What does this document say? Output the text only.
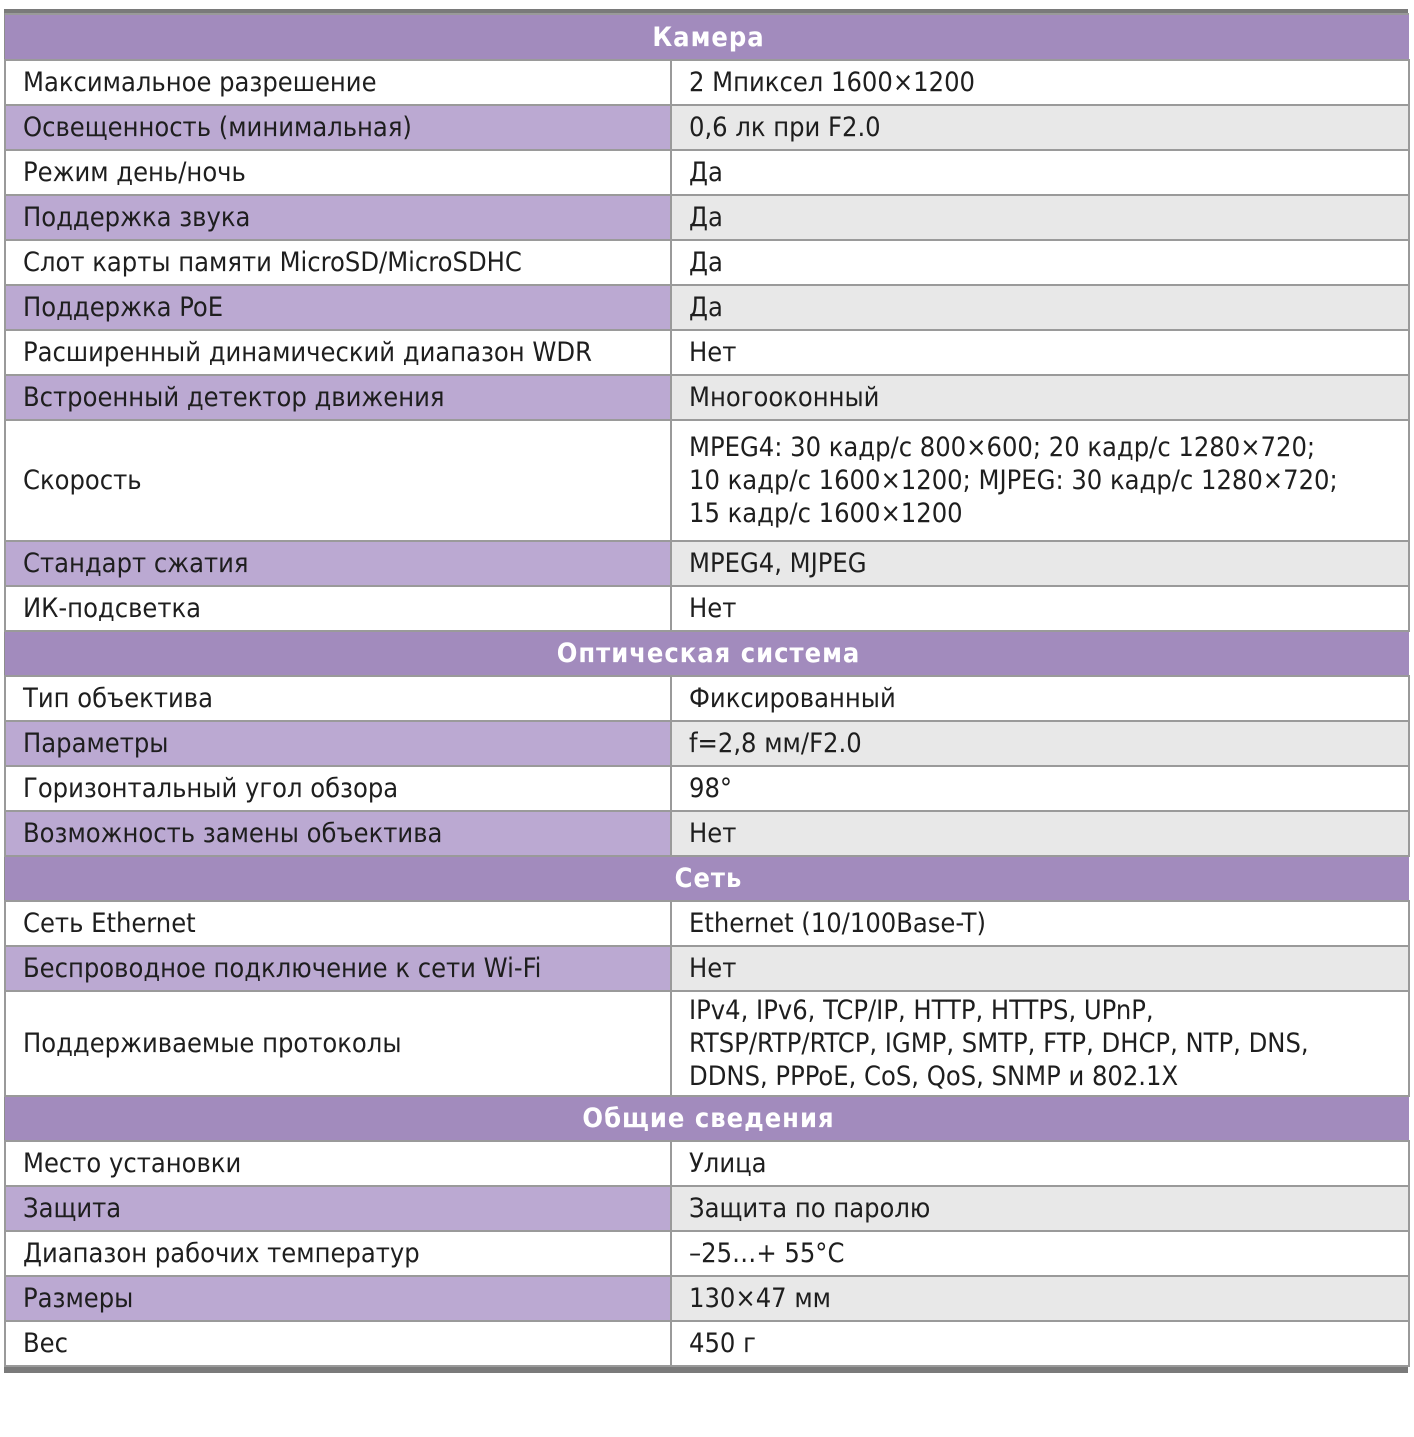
Камера	
Максимальное разрешение	2 Мпиксел 1600×1200
Освещенность (минимальная)	0,6 лк при F2.0
Режим день/ночь	Да
Поддержка звука	Да
Слот карты памяти MicroSD/MicroSDHC	Да
Поддержка PoE	Да
Расширенный динамический диапазон WDR	Нет
Встроенный детектор движения	Многооконный
Скорость	MPEG4: 30 кадр/с 800×600; 20 кадр/с 1280×720;
10 кадр/с 1600×1200; MJPEG: 30 кадр/с 1280×720;
15 кадр/с 1600×1200

Стандарт сжатия	MPEG4, MJPEG
ИК-подсветка	Нет
Оптическая система	
Тип объектива	Фиксированный
Параметры	f=2,8 мм/F2.0
Горизонтальный угол обзора	98°
Возможность замены объектива	Нет
Сеть	
Сеть Ethernet	Ethernet (10/100Base-T)
Беспроводное подключение к сети Wi-Fi	Нет
Поддерживаемые протоколы	IPv4, IPv6, TCP/IP, HTTP, HTTPS, UPnP,
RTSP/RTP/RTCP, IGMP, SMTP, FTP, DHCP, NTP, DNS,
DDNS, PPPoE, CoS, QoS, SNMP и 802.1X

Общие сведения	
Место установки	Улица
Защита	Защита по паролю
Диапазон рабочих температур	–25…+ 55°C
Размеры	130×47 мм
Вес	450 г
